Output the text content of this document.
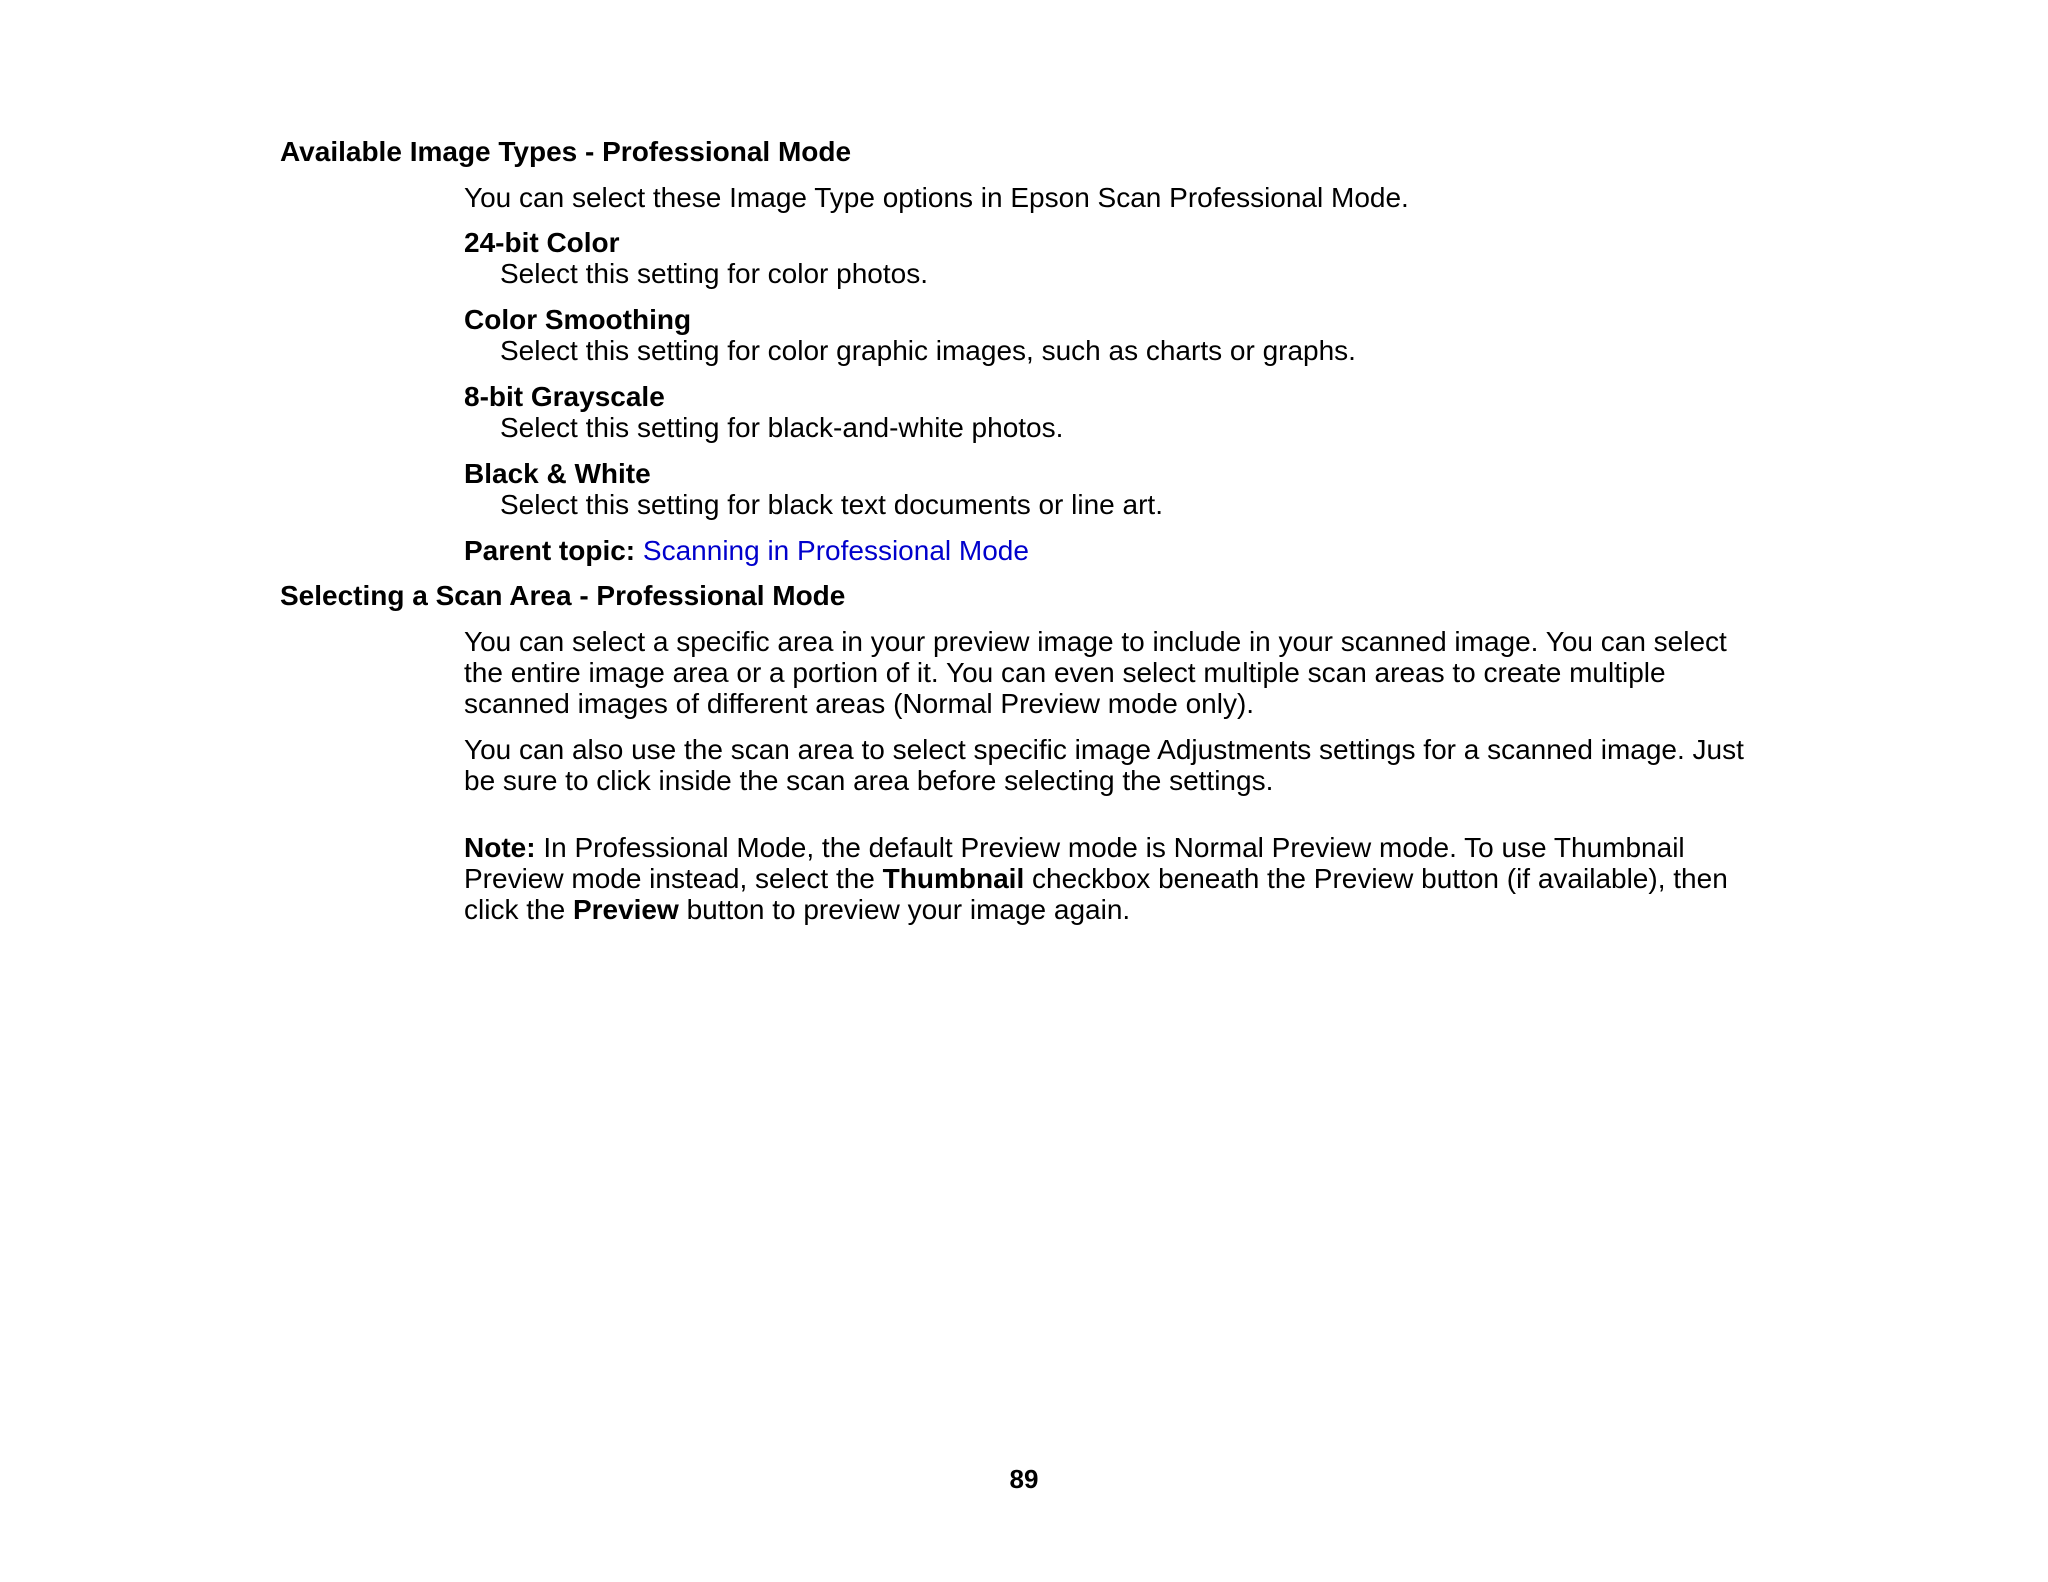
Available Image Types - Professional Mode
You can select these Image Type options in Epson Scan Professional Mode.
24-bit Color
Select this setting for color photos.
Color Smoothing
Select this setting for color graphic images, such as charts or graphs.
8-bit Grayscale
Select this setting for black-and-white photos.
Black & White
Select this setting for black text documents or line art.
Parent topic: Scanning in Professional Mode
Selecting a Scan Area - Professional Mode
You can select a specific area in your preview image to include in your scanned image. You can select
the entire image area or a portion of it. You can even select multiple scan areas to create multiple
scanned images of different areas (Normal Preview mode only).
You can also use the scan area to select specific image Adjustments settings for a scanned image. Just
be sure to click inside the scan area before selecting the settings.
Note: In Professional Mode, the default Preview mode is Normal Preview mode. To use Thumbnail
Preview mode instead, select the Thumbnail checkbox beneath the Preview button (if available), then
click the Preview button to preview your image again.
89
